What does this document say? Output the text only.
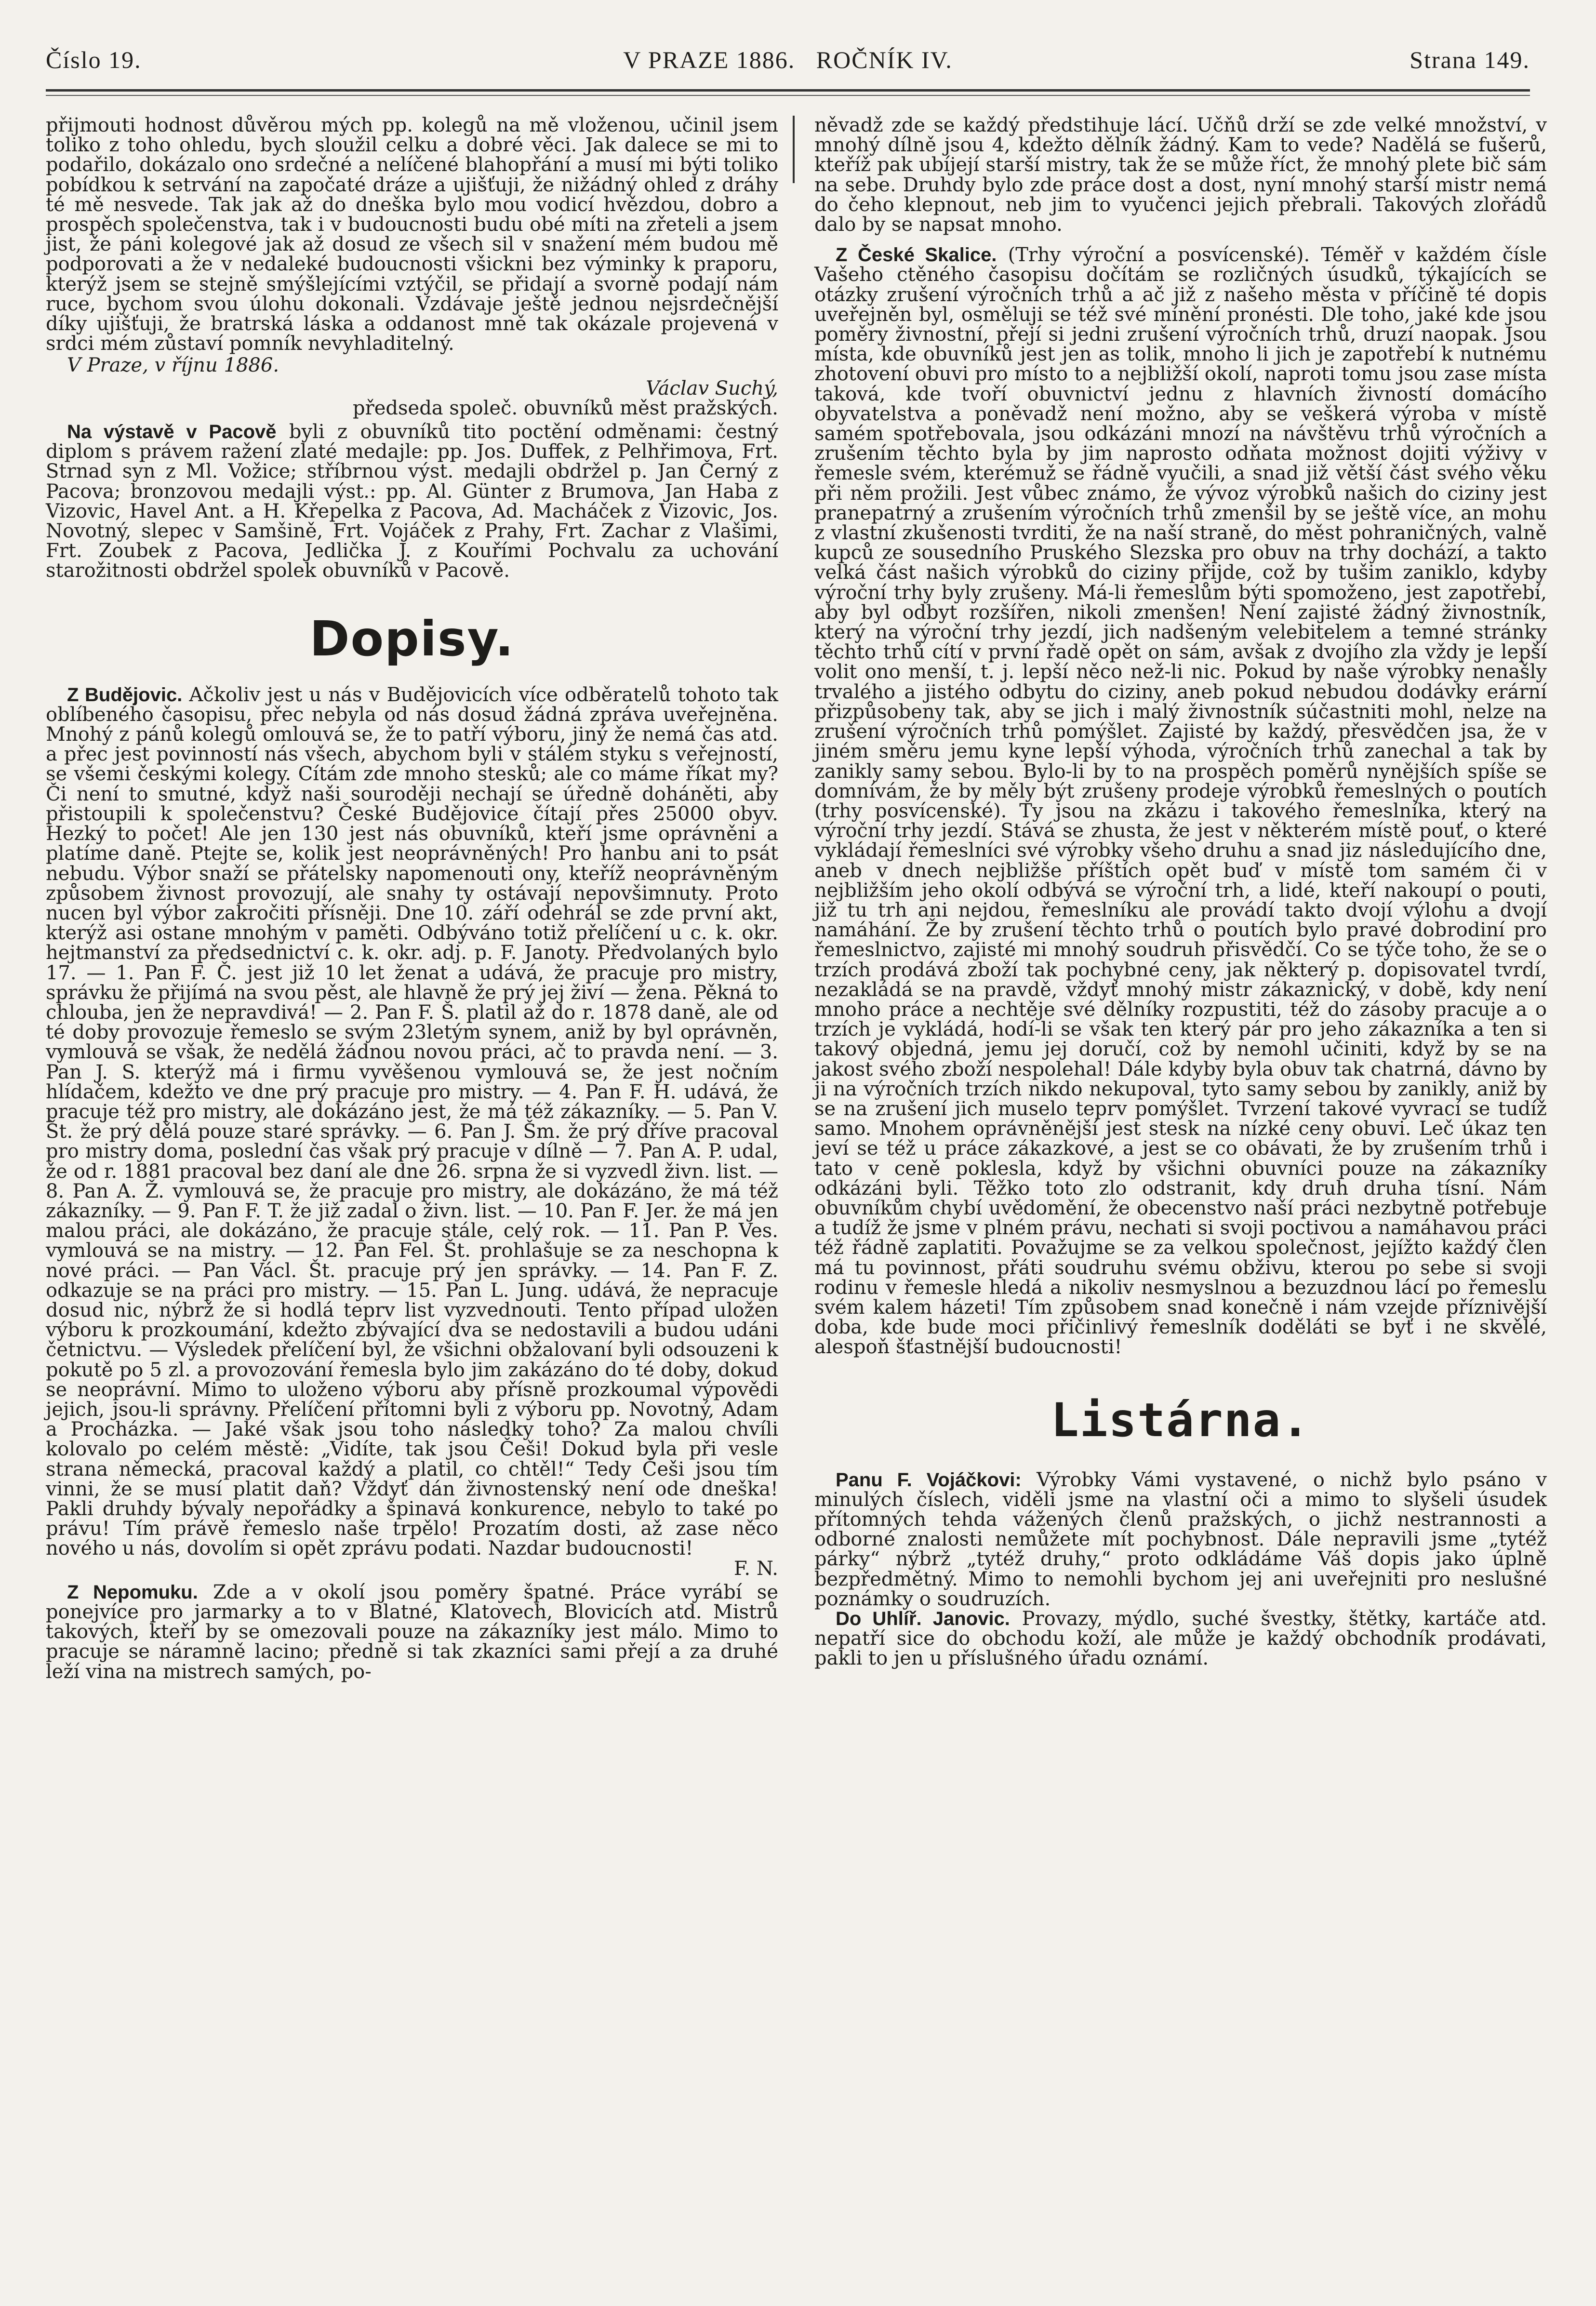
Číslo 19.	V PRAZE 1886. ROČNÍK IV.	Strana 149.

přijmouti hodnost důvěrou mých pp. kolegů na mě vloženou, učinil jsem tolikо z toho ohledu, bych sloužil celku a dobré věci. Jak dalece se mi to podařilo, dokázalo ono srdečné a nelíčené blahopřání a musí mi býti toliko pobídkou k setrvání na započaté dráze a ujišťuji, že nižádný ohled z dráhy té mě nesvede. Tak jak až do dneška bylo mou vodicí hvězdou, dobro a prospěch společenstva, tak i v budoucnosti budu obé míti na zřeteli a jsem jist, že páni kolegové jak až dosud ze všech sil v snažení mém budou mě podporovati a že v nedaleké budoucnosti všickni bez výminky k praporu, kterýž jsem se stejně smýšlejícími vztýčil, se přidají a svorně podají nám ruce, bychom svou úlohu dokonali. Vzdávaje ještě jednou nejsrdečnější díky ujišťuji, že bratrská láska a oddanost mně tak okázale projevená v srdci mém zůstaví pomník nevyhladitelný.

V Praze, v říjnu 1886.

Václav Suchý,

předseda společ. obuvníků měst pražských.

Na výstavě v Pacově byli z obuvníků tito poctění odměnami: čestný diplom s právem ražení zlaté medajle: pp. Jos. Duffek, z Pelhřimova, Frt. Strnad syn z Ml. Vožice; stříbrnou výst. medajli obdržel p. Jan Černý z Pacova; bronzovou medajli výst.: pp. Al. Günter z Brumova, Jan Haba z Vizovic, Havel Ant. a H. Křepelka z Pacova, Ad. Macháček z Vizovic, Jos. Novotný, slepec v Samšině, Frt. Vojáček z Prahy, Frt. Zachar z Vlašimi, Frt. Zoubek z Pacova, Jedlička J. z Kouřími Pochvalu za uchování starožitnosti obdržel spolek obuvníků v Pacově.

Dopisy.

Z Budějovic. Ačkoliv jest u nás v Budějovicích více odběratelů tohoto tak oblíbeného časopisu, přec nebyla od nás dosud žádná zpráva uveřejněna. Mnohý z pánů kolegů omlouvá se, že to patří výboru, jiný že nemá čas atd. a přec jest povinností nás všech, abychom byli v stálém styku s veřejností, se všemi českými kolegy. Cítám zde mnoho stesků; ale co máme říkat my? Či není to smutné, když naši souroději nechají se úředně doháněti, aby přistoupili k společenstvu? České Budějovice čítají přes 25000 obyv. Hezký to počet! Ale jen 130 jest nás obuvníků, kteří jsme oprávněni a platíme daně. Ptejte se, kolik jest neoprávněných! Pro hanbu ani to psát nebudu. Výbor snaží se přátelsky napomenouti ony, kteříž neoprávněným způsobem živnost provozují, ale snahy ty ostávají nepovšimnuty. Proto nucen byl výbor zakročiti přísněji. Dne 10. září odehrál se zde první akt, kterýž asi ostane mnohým v paměti. Odbýváno totiž přelíčení u c. k. okr. hejtmanství za předsednictví c. k. okr. adj. p. F. Janoty. Předvolaných bylo 17. — 1. Pan F. Č. jest již 10 let ženat a udává, že pracuje pro mistry, správku že přijímá na svou pěst, ale hlavně že prý jej živí — žena. Pěkná to chlouba, jen že nepravdivá! — 2. Pan F. Š. platil až do r. 1878 daně, ale od té doby provozuje řemeslo se svým 23letým synem, aniž by byl oprávněn, vymlouvá se však, že nedělá žádnou novou práci, ač to pravda není. — 3. Pan J. S. kterýž má i firmu vyvěšenou vymlouvá se, že jest nočním hlídačem, kdežto ve dne prý pracuje pro mistry. — 4. Pan F. H. udává, že pracuje též pro mistry, ale dokázáno jest, že má též zákazníky. — 5. Pan V. Št. že prý dělá pouze staré správky. — 6. Pan J. Šm. že prý dříve pracoval pro mistry doma, poslední čas však prý pracuje v dílně — 7. Pan A. P. udal, že od r. 1881 pracoval bez daní ale dne 26. srpna že si vyzvedl živn. list. — 8. Pan A. Ž. vymlouvá se, že pracuje pro mistry, ale dokázáno, že má též zákazníky. — 9. Pan F. T. že již zadal o živn. list. — 10. Pan F. Jer. že má jen malou práci, ale dokázáno, že pracuje stále, celý rok. — 11. Pan P. Ves. vymlouvá se na mistry. — 12. Pan Fel. Št. prohlašuje se za neschopna k nové práci. — Pan Václ. Št. pracuje prý jen správky. — 14. Pan F. Z. odkazuje se na práci pro mistry. — 15. Pan L. Jung. udává, že nepracuje dosud nic, nýbrž že si hodlá teprv list vyzvednouti. Tento případ uložen výboru k prozkoumání, kdežto zbývající dva se nedostavili a budou udáni četnictvu. — Výsledek přelíčení byl, že všichni obžalovaní byli odsouzeni k pokutě po 5 zl. a provozování řemesla bylo jim zakázáno do té doby, dokud se neoprávní. Mimo to uloženo výboru aby přísně prozkoumal výpovědi jejich, jsou-li správny. Přelíčení přítomni byli z výboru pp. Novotný, Adam a Procházka. — Jaké však jsou toho následky toho? Za malou chvíli kolovalo po celém městě: „Vidíte, tak jsou Češi! Dokud byla při vesle strana německá, pracoval každý a platil, co chtěl!“ Tedy Češi jsou tím vinni, že se musí platit daň? Vždyť dán živnostenský není ode dneška! Pakli druhdy bývaly nepořádky a špinavá konkurence, nebylo to také po právu! Tím právě řemeslo naše trpělo! Prozatím dosti, až zase něco nového u nás, dovolím si opět zprávu podati. Nazdar budoucnosti!

F. N.

Z Nepomuku. Zde a v okolí jsou poměry špatné. Práce vyrábí se ponejvíce pro jarmarky a to v Blatné, Klatovech, Blovicích atd. Mistrů takových, kteří by se omezovali pouze na zákazníky jest málo. Mimo to pracuje se náramně lacino; předně si tak zkazníci sami přejí a za druhé leží vina na mistrech samých, po-

něvadž zde se každý předstihuje lácí. Učňů drží se zde velké množství, v mnohý dílně jsou 4, kdežto dělník žádný. Kam to vede? Nadělá se fušerů, kteříž pak ubíjejí starší mistry, tak že se může říct, že mnohý plete bič sám na sebe. Druhdy bylo zde práce dost a dost, nyní mnohý starší mistr nemá do čeho klepnout, neb jim to vyučenci jejich přebrali. Takových zlořádů dalo by se napsat mnoho.

Z České Skalice. (Trhy výroční a posvícenské). Téměř v každém čísle Vašeho ctěného časopisu dočítám se rozličných úsudků, týkajících se otázky zrušení výročních trhů a ač již z našeho města v příčině té dopis uveřejněn byl, osměluji se též své mínění pronésti. Dle toho, jaké kde jsou poměry živnostní, přejí si jedni zrušení výročních trhů, druzí naopak. Jsou místa, kde obuvníků jest jen as tolik, mnoho li jich je zapotřebí k nutnému zhotovení obuvi pro místo to a nejbližší okolí, naproti tomu jsou zase místa taková, kde tvoří obuvnictví jednu z hlavních živností domácího obyvatelstva a poněvadž není možno, aby se veškerá výroba v místě samém spotřebovala, jsou odkázáni mnozí na návštěvu trhů výročních a zrušením těchto byla by jim naprosto odňata možnost dojiti výživy v řemesle svém, kterémuž se řádně vyučili, a snad již větší část svého věku při něm prožili. Jest vůbec známo, že vývoz výrobků našich do ciziny jest pranepatrný a zrušením výročních trhů zmenšil by se ještě více, an mohu z vlastní zkušenosti tvrditi, že na naší straně, do měst pohraničných, valně kupců ze sousedního Pruského Slezska pro obuv na trhy dochází, a takto velká část našich výrobků do ciziny přijde, což by tušim zaniklo, kdyby výroční trhy byly zrušeny. Má-li řemeslům býti spomoženo, jest zapotřebí, aby byl odbyt rozšířen, nikoli zmenšen! Není zajisté žádný živnostník, který na výroční trhy jezdí, jich nadšeným velebitelem a temné stránky těchto trhů cítí v první řadě opět on sám, avšak z dvojího zla vždy je lepší volit ono menší, t. j. lepší něco než-li nic. Pokud by naše výrobky nenašly trvalého a jistého odbytu do ciziny, aneb pokud nebudou dodávky erární přizpůsobeny tak, aby se jich i malý živnostník súčastniti mohl, nelze na zrušení výročních trhů pomýšlet. Zajisté by každý, přesvědčen jsa, že v jiném směru jemu kyne lepší výhoda, výročních trhů zanechal a tak by zanikly samy sebou. Bylo-li by to na prospěch poměrů nynějších spíše se domnívám, že by měly být zrušeny prodeje výrobků řemeslných o poutích (trhy posvícenské). Ty jsou na zkázu i takového řemeslníka, který na výroční trhy jezdí. Stává se zhusta, že jest v některém místě pouť, o které vykládají řemeslníci své výrobky všeho druhu a snad jiz následujícího dne, aneb v dnech nejbližše příštích opět buď v místě tom samém či v nejbližším jeho okolí odbývá se výroční trh, a lidé, kteří nakoupí o pouti, již tu trh ani nejdou, řemeslníku ale provádí takto dvojí výlohu a dvojí namáhání. Že by zrušení těchto trhů o poutích bylo pravé dobrodiní pro řemeslnictvo, zajisté mi mnohý soudruh přisvědčí. Co se týče toho, že se o trzích prodává zboží tak pochybné ceny, jak některý p. dopisovatel tvrdí, nezakládá se na pravdě, vždyť mnohý mistr zákaznický, v době, kdy není mnoho práce a nechtěje své dělníky rozpustiti, též do zásoby pracuje a o trzích je vykládá, hodí-li se však ten který pár pro jeho zákazníka a ten si takový objedná, jemu jej doručí, což by nemohl učiniti, když by se na jakost svého zboží nespolehal! Dále kdyby byla obuv tak chatrná, dávno by ji na výročních trzích nikdo nekupoval, tyto samy sebou by zanikly, aniž by se na zrušení jich muselo teprv pomýšlet. Tvrzení takové vyvrací se tudíž samo. Mnohem oprávněnější jest stesk na nízké ceny obuvi. Leč úkaz ten jeví se též u práce zákazkové, a jest se co obávati, že by zrušením trhů i tato v ceně poklesla, když by všichni obuvníci pouze na zákazníky odkázáni byli. Těžko toto zlo odstranit, kdy druh druha tísní. Nám obuvníkům chybí uvědomění, že obecenstvo naší práci nezbytně potřebuje a tudíž že jsme v plném právu, nechati si svoji poctivou a namáhavou práci též řádně zaplatiti. Považujme se za velkou společnost, jejížto každý člen má tu povinnost, přáti soudruhu svému obživu, kterou po sebe si svoji rodinu v řemesle hledá a nikoliv nesmyslnou a bezuzdnou lácí po řemeslu svém kalem házeti! Tím způsobem snad konečně i nám vzejde příznivější doba, kde bude moci přičinlivý řemeslník doděláti se byť i ne skvělé, alespoň šťastnější budoucnosti!

Listárna.

Panu F. Vojáčkovi: Výrobky Vámi vystavené, o nichž bylo psáno v minulých číslech, viděli jsme na vlastní oči a mimo to slyšeli úsudek přítomných tehda vážených členů pražských, o jichž nestrannosti a odborné znalosti nemůžete mít pochybnost. Dále nepravili jsme „tytéž párky“ nýbrž „tytéž druhy,“ proto odkládáme Váš dopis jako úplně bezpředmětný. Mimo to nemohli bychom jej ani uveřejniti pro neslušné poznámky o soudruzích.

Do Uhlíř. Janovic. Provazy, mýdlo, suché švestky, štětky, kartáče atd. nepatří sice do obchodu koží, ale může je každý obchodník prodávati, pakli to jen u příslušného úřadu oznámí.
